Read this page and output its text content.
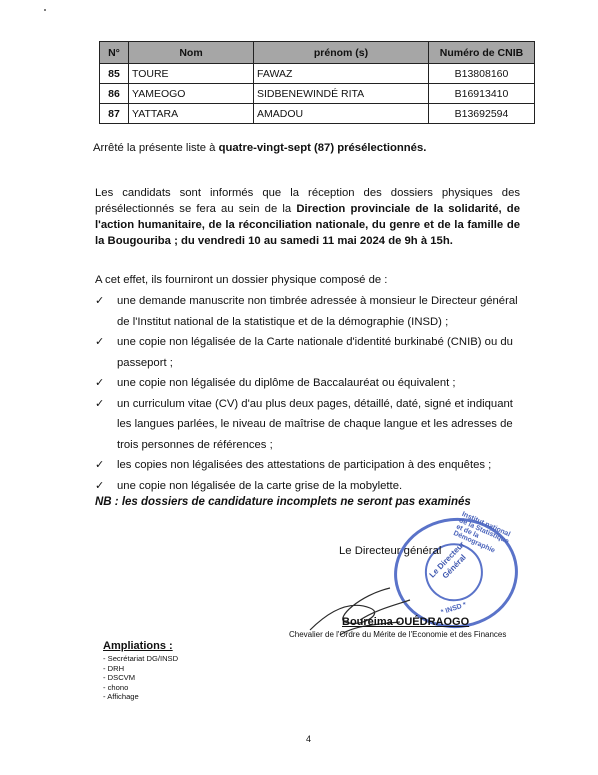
N°	Nom	prénom (s)	Numéro de CNIB
85	TOURE	FAWAZ	B13808160
86	YAMEOGO	SIDBENEWINDÉ RITA	B16913410
87	YATTARA	AMADOU	B13692594
Arrêté la présente liste à quatre-vingt-sept (87) présélectionnés.
Les candidats sont informés que la réception des dossiers physiques des
présélectionnés se fera au sein de la Direction provinciale de la solidarité, de
l'action humanitaire, de la réconciliation nationale, du genre et de la famille de
la Bougouriba ; du vendredi 10 au samedi 11 mai 2024 de 9h à 15h.
A cet effet, ils fourniront un dossier physique composé de :
✓ une demande manuscrite non timbrée adressée à monsieur le Directeur général
de l'Institut national de la statistique et de la démographie (INSD) ;
✓ une copie non légalisée de la Carte nationale d'identité burkinabé (CNIB) ou du
passeport ;
✓ une copie non légalisée du diplôme de Baccalauréat ou équivalent ;
✓ un curriculum vitae (CV) d'au plus deux pages, détaillé, daté, signé et indiquant
les langues parlées, le niveau de maîtrise de chaque langue et les adresses de
trois personnes de références ;
✓ les copies non légalisées des attestations de participation à des enquêtes ;
✓ une copie non légalisée de la carte grise de la mobylette.
NB : les dossiers de candidature incomplets ne seront pas examinés
Institut national de la Statistique et de la Démographie
Le Directeur Général
* INSD *
Le Directeur général
Boureima OUÉDRAOGO
Chevalier de l'Ordre du Mérite de l'Economie et des Finances
Ampliations :
- Secrétariat DG/INSD
- DRH
- DSCVM
- chono
- Affichage
4
